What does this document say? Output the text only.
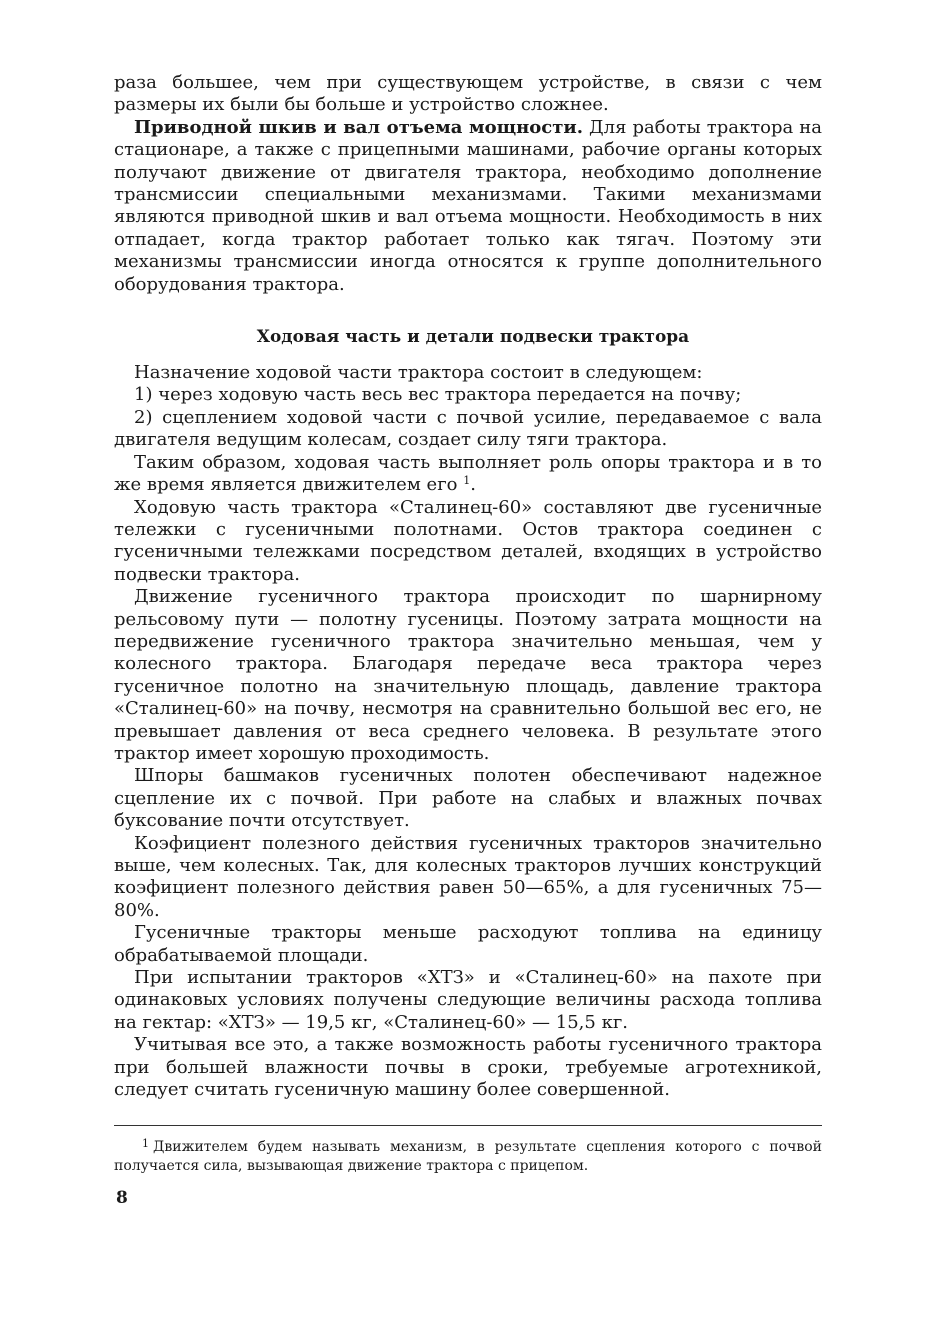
раза большее, чем при существующем устройстве, в связи с чем размеры их были бы больше и устройство сложнее.

Приводной шкив и вал отъема мощности. Для работы трактора на стационаре, а также с прицепными машинами, рабочие органы которых получают движение от двигателя трактора, необходимо дополнение трансмиссии специальными механизмами. Такими механизмами являются приводной шкив и вал отъема мощности. Необходимость в них отпадает, когда трактор работает только как тягач. Поэтому эти механизмы трансмиссии иногда относятся к группе дополнительного оборудования трактора.

Ходовая часть и детали подвески трактора

Назначение ходовой части трактора состоит в следующем:

1) через ходовую часть весь вес трактора передается на почву;

2) сцеплением ходовой части с почвой усилие, передаваемое с вала двигателя ведущим колесам, создает силу тяги трактора.

Таким образом, ходовая часть выполняет роль опоры трактора и в то же время является движителем его $^1$.

Ходовую часть трактора «Сталинец-60» составляют две гусеничные тележки с гусеничными полотнами. Остов трактора соединен с гусеничными тележками посредством деталей, входящих в устройство подвески трактора.

Движение гусеничного трактора происходит по шарнирному рельсовому пути — полотну гусеницы. Поэтому затрата мощности на передвижение гусеничного трактора значительно меньшая, чем у колесного трактора. Благодаря передаче веса трактора через гусеничное полотно на значительную площадь, давление трактора «Сталинец-60» на почву, несмотря на сравнительно большой вес его, не превышает давления от веса среднего человека. В результате этого трактор имеет хорошую проходимость.

Шпоры башмаков гусеничных полотен обеспечивают надежное сцепление их с почвой. При работе на слабых и влажных почвах буксование почти отсутствует.

Коэфициент полезного действия гусеничных тракторов значительно выше, чем колесных. Так, для колесных тракторов лучших конструкций коэфициент полезного действия равен 50—65%, а для гусеничных 75—80%.

Гусеничные тракторы меньше расходуют топлива на единицу обрабатываемой площади.

При испытании тракторов «ХТЗ» и «Сталинец-60» на пахоте при одинаковых условиях получены следующие величины расхода топлива на гектар: «ХТЗ» — 19,5 кг, «Сталинец-60» — 15,5 кг.

Учитывая все это, а также возможность работы гусеничного трактора при большей влажности почвы в сроки, требуемые агротехникой, следует считать гусеничную машину более совершенной.

$^1$ Движителем будем называть механизм, в результате сцепления которого с почвой получается сила, вызывающая движение трактора с прицепом.

8
